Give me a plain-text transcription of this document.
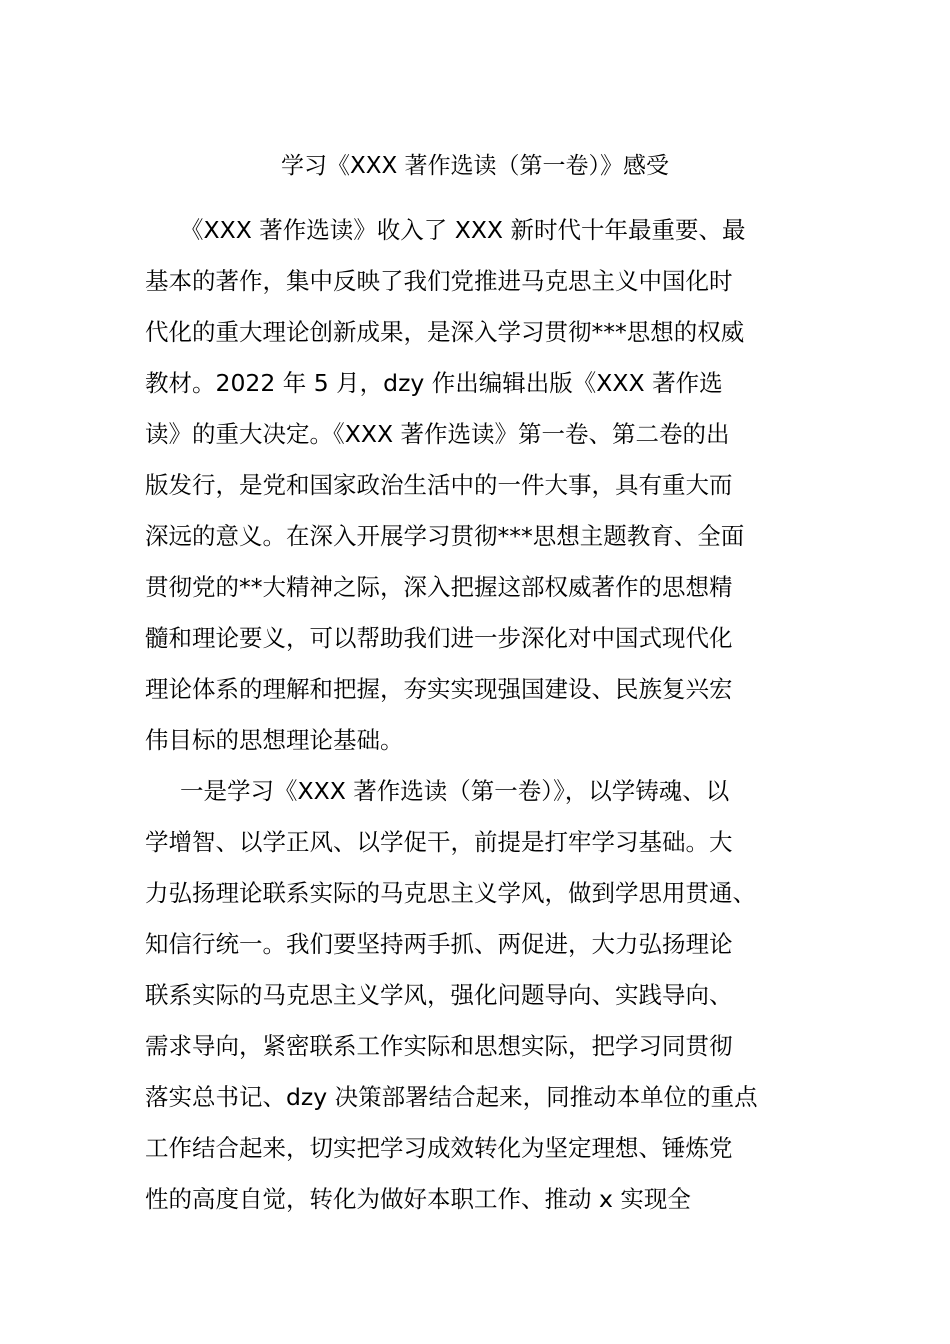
学习《XXX 著作选读（第一卷）》感受
《XXX 著作选读》收入了 XXX 新时代十年最重要、最
基本的著作，集中反映了我们党推进马克思主义中国化时
代化的重大理论创新成果，是深入学习贯彻***思想的权威
教材。2022 年 5 月，dzy 作出编辑出版《XXX 著作选
读》的重大决定。《XXX 著作选读》第一卷、第二卷的出
版发行，是党和国家政治生活中的一件大事，具有重大而
深远的意义。在深入开展学习贯彻***思想主题教育、全面
贯彻党的**大精神之际，深入把握这部权威著作的思想精
髓和理论要义，可以帮助我们进一步深化对中国式现代化
理论体系的理解和把握，夯实实现强国建设、民族复兴宏
伟目标的思想理论基础。
一是学习《XXX 著作选读（第一卷）》，以学铸魂、以
学增智、以学正风、以学促干，前提是打牢学习基础。大
力弘扬理论联系实际的马克思主义学风，做到学思用贯通、
知信行统一。我们要坚持两手抓、两促进，大力弘扬理论
联系实际的马克思主义学风，强化问题导向、实践导向、
需求导向，紧密联系工作实际和思想实际，把学习同贯彻
落实总书记、dzy 决策部署结合起来，同推动本单位的重点
工作结合起来，切实把学习成效转化为坚定理想、锤炼党
性的高度自觉，转化为做好本职工作、推动 x 实现全
